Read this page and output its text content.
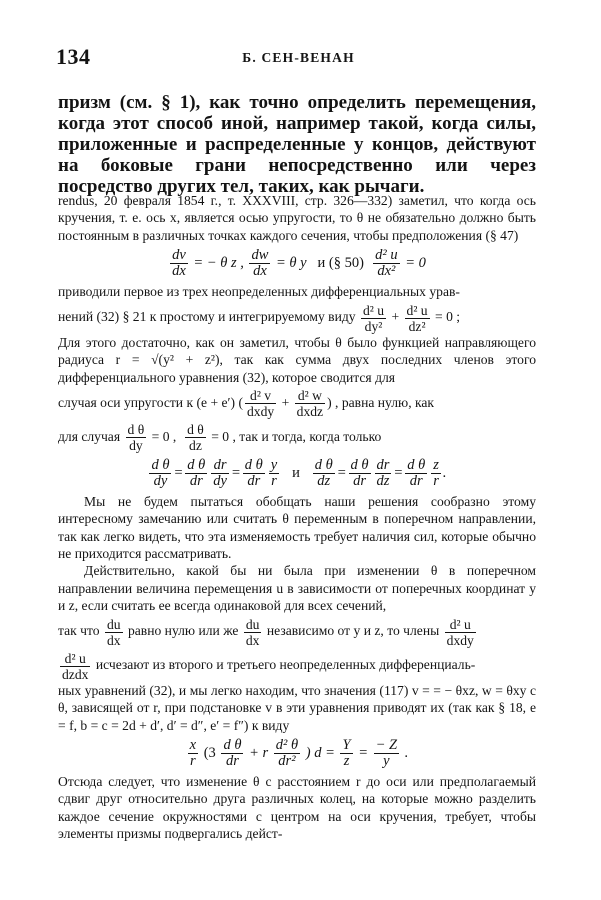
134	Б. СЕН-ВЕНАН
призм (см. § 1), как точно определить перемещения, когда этот способ иной, например такой, когда силы, приложенные и распределенные у концов, действуют на боковые грани непосредственно или через посредство других тел, таких, как рычаги.

rendus, 20 февраля 1854 г., т. XXXVIII, стр. 326—332) заметил, что когда ось кручения, т. е. ось x, является осью упругости, то θ не обязательно должно быть постоянным в различных точках каждого сечения, чтобы предположения (§ 47)

$\frac{dv}{dx}$ = − θ z , $\frac{dw}{dx} = \theta$ y и (§ $50) \frac{\text{d² u}}{\text{dx²}} = 0$

приводили первое из трех неопределенных дифференциальных урав-

нений (32) § 21 к простому и интегрируемому виду $\frac{\text{d² u}}{\text{dy²}} + \frac{\text{d² u}}{\text{dz²}} = 0$ ;

Для этого достаточно, как он заметил, чтобы θ было функцией направляющего радиуса r = √(y² + z²), так как сумма двух последних членов этого дифференциального уравнения (32), которое сводится для

случая оси упругости к (e + e′) ( $\frac{\text{d² v}}{\text{dxdy}} + \frac{\text{d² w}}{\text{dxdz}}$ ) , равна нулю, как
для случая $\frac{\text{d θ}}{dy} = 0$ , $\frac{\text{d θ}}{dz} = 0$ , так и тогда, когда только
$\frac{\text{d θ}}{dy} = \frac{\text{d θ}}{dr} \frac{dr}{dy} = \frac{\text{d θ}}{dr} \frac{y}{r}$ и $\frac{\text{d θ}}{dz} = \frac{\text{d θ}}{dr} \frac{dr}{dz} = \frac{\text{d θ}}{dr} \frac{z}{r}$ .

Мы не будем пытаться обобщать наши решения сообразно этому интересному замечанию или считать θ переменным в поперечном направлении, так как легко видеть, что эта изменяемость требует наличия сил, которые обычно не приходится рассматривать.

Действительно, какой бы ни была при изменении θ в поперечном направлении величина перемещения u в зависимости от поперечных координат y и z, если считать ее всегда одинаковой для всех сечений,

так что $\frac{du}{dx}$ равно нулю или же $\frac{du}{dx}$ независимо от y и z, то члены $\frac{\text{d² u}}{\text{dxdy}}$
$\frac{\text{d² u}}{\text{dzdx}}$ исчезают из второго и третьего неопределенных дифференциаль-

ных уравнений (32), и мы легко находим, что значения (117) v = = − θxz, w = θxy с θ, зависящей от r, при подстановке v в эти уравнения приводят их (так как § 18, e = f, b = c = 2d + d′, d′ = d″, e′ = f″) к виду

$\frac{x}{r} (3 \frac{\text{d θ}}{dr} + r \frac{\text{d² θ}}{\text{dr²}}$ ) $d = \frac{Y}{z} = \frac{- Z}{y}$ .

Отсюда следует, что изменение θ с расстоянием r до оси или предполагаемый сдвиг друг относительно друга различных колец, на которые можно разделить каждое сечение окружностями с центром на оси кручения, требует, чтобы элементы призмы подвергались дейст-
